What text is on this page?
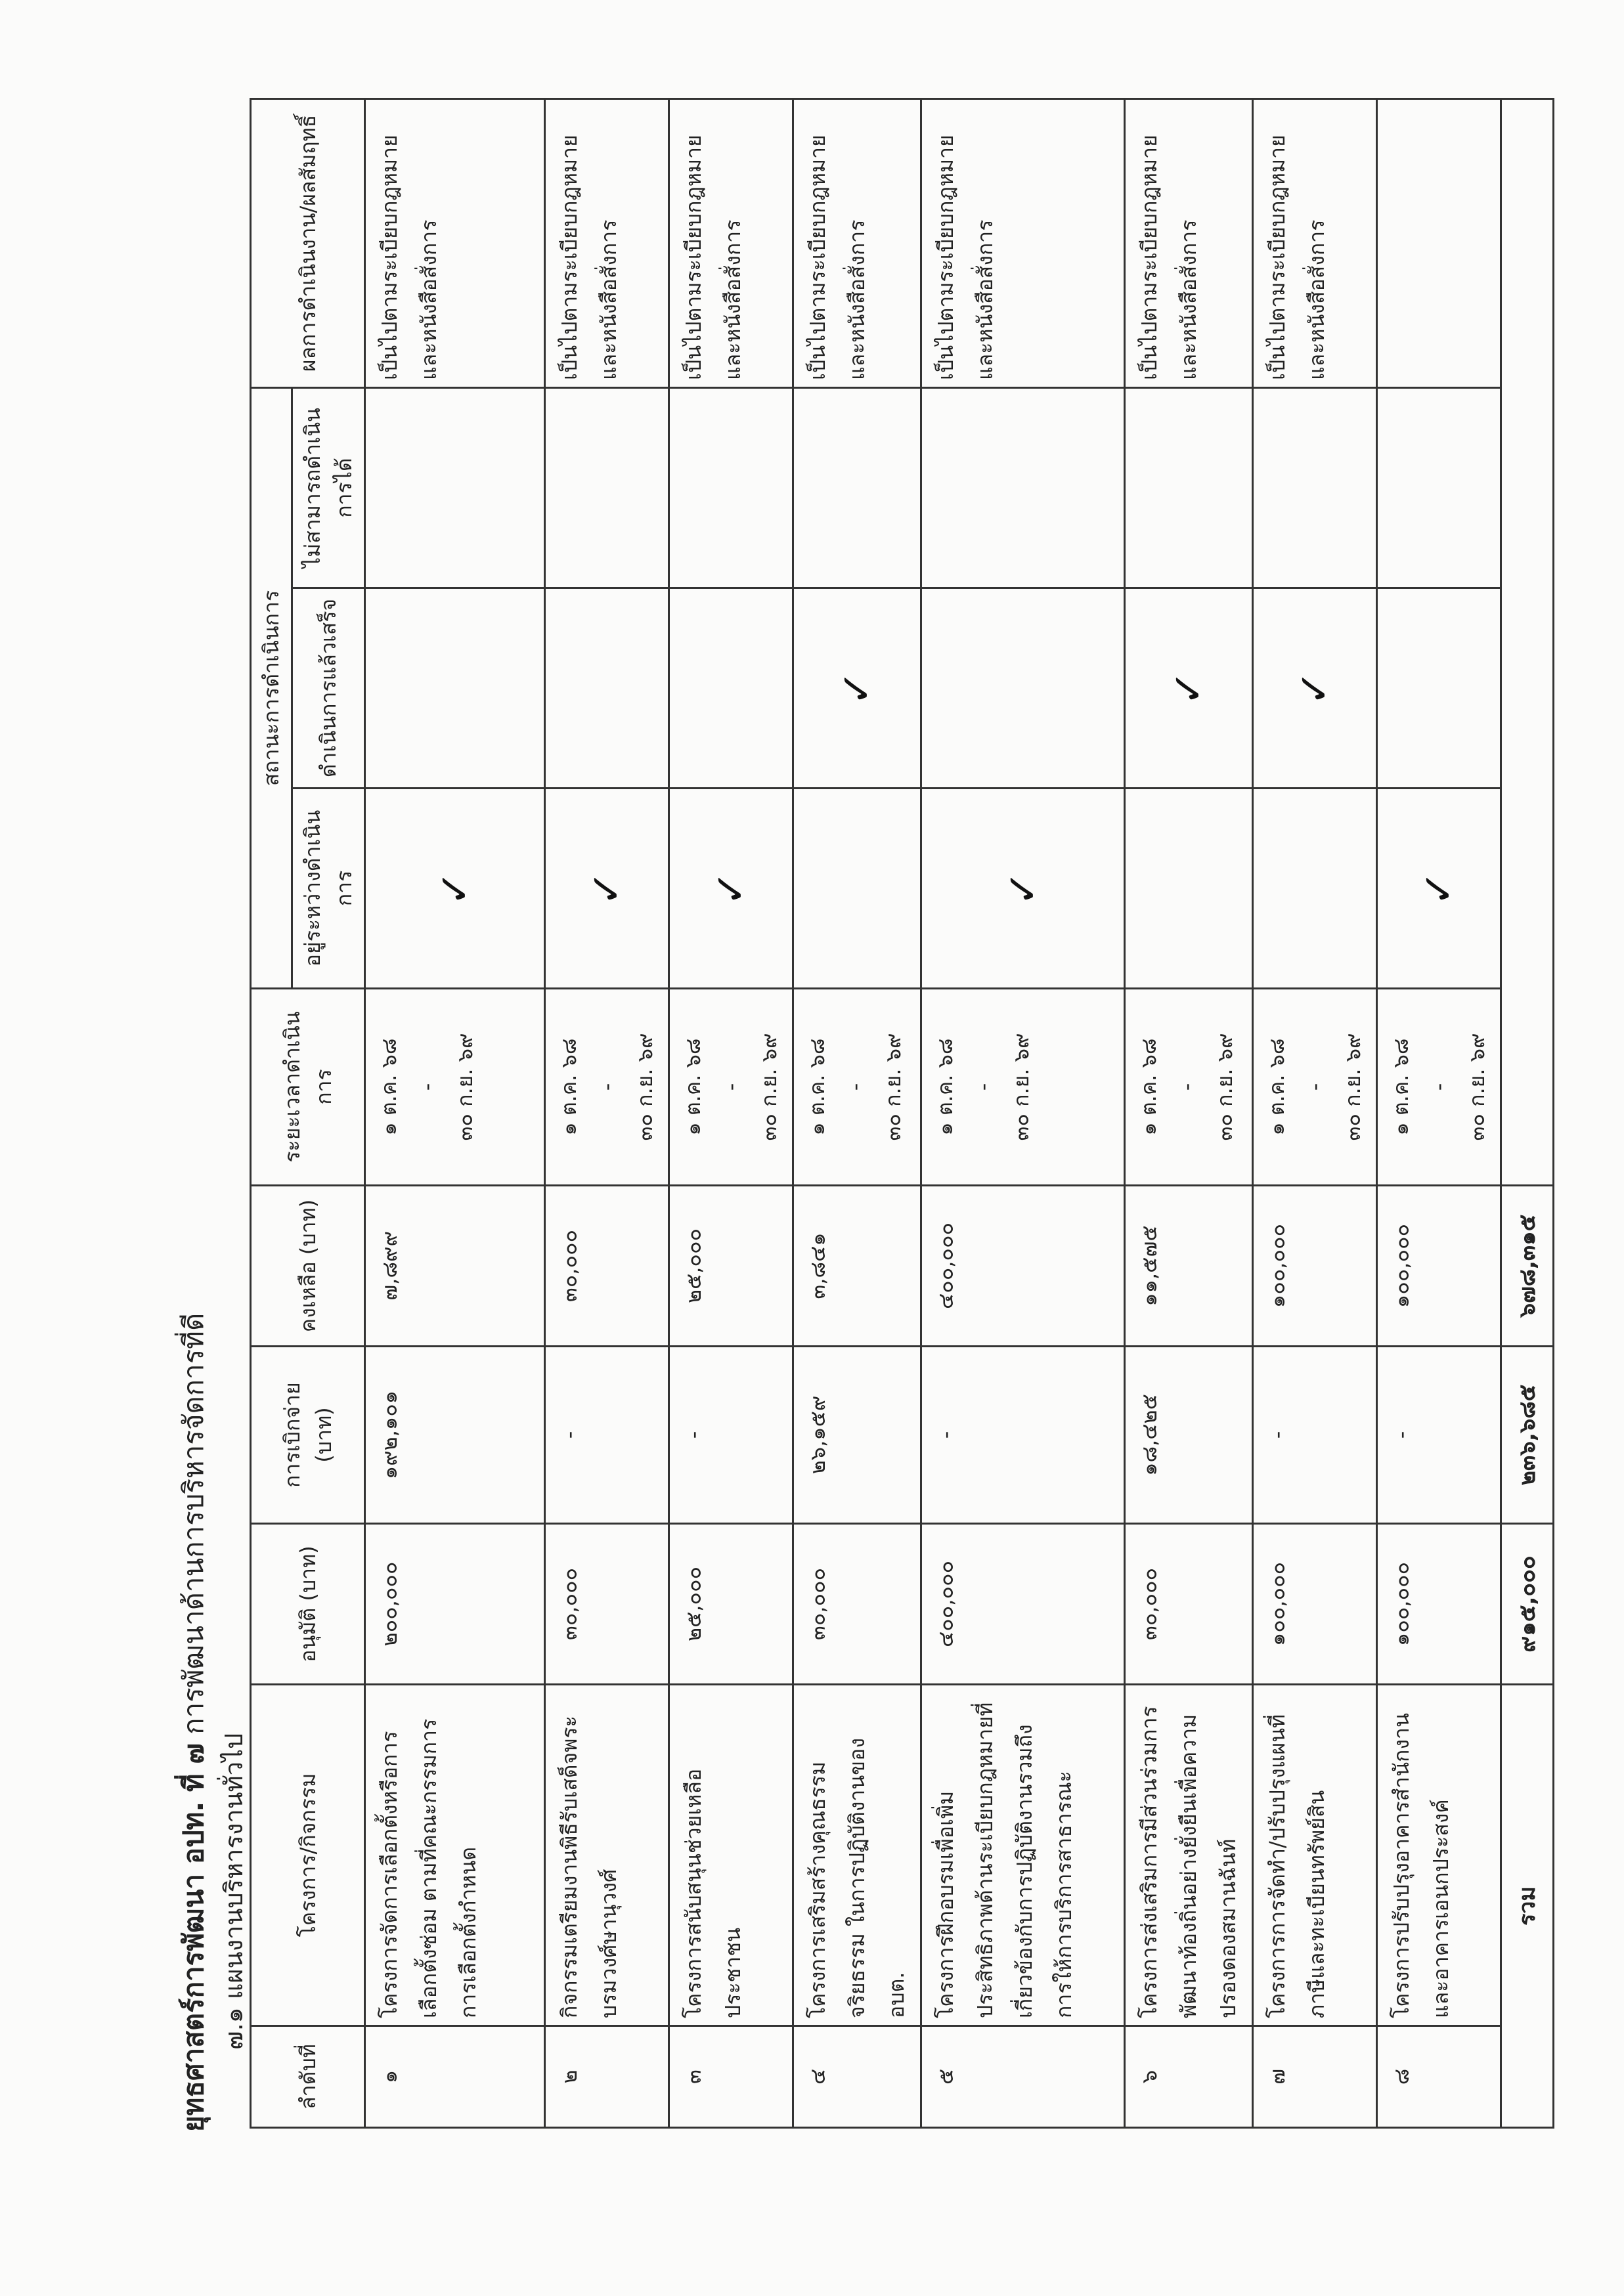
ยุทธศาสตร์การพัฒนา อปท. ที่ ๗ การพัฒนาด้านการบริหารจัดการที่ดี
๗.๑ แผนงานบริหารงานทั่วไป
ลำดับที่	โครงการ/กิจกรรม	อนุมัติ (บาท)	การเบิกจ่าย (บาท)	คงเหลือ (บาท)	ระยะเวลาดำเนินการ	สถานะการดำเนินการ			ผลการดำเนินงาน/ผลสัมฤทธิ์
						อยู่ระหว่างดำเนินการ	ดำเนินการแล้วเสร็จ	ไม่สามารถดำเนินการได้	
๑	โครงการจัดการเลือกตั้งหรือการเลือกตั้งซ่อม ตามที่คณะกรรมการการเลือกตั้งกำหนด	๒๐๐,๐๐๐	๑๙๒,๑๐๑	๗,๘๙๙	๑ ต.ค. ๖๘ - ๓๐ ก.ย. ๖๙	✓			เป็นไปตามระเบียบกฎหมายและหนังสือสั่งการ
๒	กิจกรรมเตรียมงานพิธีรับเสด็จพระบรมวงศ์ษานุวงศ์	๓๐,๐๐๐	-	๓๐,๐๐๐	๑ ต.ค. ๖๘ - ๓๐ ก.ย. ๖๙	✓			เป็นไปตามระเบียบกฎหมายและหนังสือสั่งการ
๓	โครงการสนับสนุนช่วยเหลือประชาชน	๒๕,๐๐๐	-	๒๕,๐๐๐	๑ ต.ค. ๖๘ - ๓๐ ก.ย. ๖๙	✓			เป็นไปตามระเบียบกฎหมายและหนังสือสั่งการ
๔	โครงการเสริมสร้างคุณธรรมจริยธรรม ในการปฏิบัติงานของ อบต.	๓๐,๐๐๐	๒๖,๑๕๙	๓,๘๔๑	๑ ต.ค. ๖๘ - ๓๐ ก.ย. ๖๙		✓		เป็นไปตามระเบียบกฎหมายและหนังสือสั่งการ
๕	โครงการฝึกอบรมเพื่อเพิ่มประสิทธิภาพด้านระเบียบกฎหมายที่เกี่ยวข้องกับการปฏิบัติงานรวมถึงการให้การบริการสาธารณะ	๔๐๐,๐๐๐	-	๔๐๐,๐๐๐	๑ ต.ค. ๖๘ - ๓๐ ก.ย. ๖๙	✓			เป็นไปตามระเบียบกฎหมายและหนังสือสั่งการ
๖	โครงการส่งเสริมการมีส่วนร่วมการพัฒนาท้องถิ่นอย่างยั่งยืนเพื่อความปรองดองสมานฉันท์	๓๐,๐๐๐	๑๘,๔๒๕	๑๑,๕๗๕	๑ ต.ค. ๖๘ - ๓๐ ก.ย. ๖๙		✓		เป็นไปตามระเบียบกฎหมายและหนังสือสั่งการ
๗	โครงการการจัดทำ/ปรับปรุงแผนที่ภาษีและทะเบียนทรัพย์สิน	๑๐๐,๐๐๐	-	๑๐๐,๐๐๐	๑ ต.ค. ๖๘ - ๓๐ ก.ย. ๖๙		✓		เป็นไปตามระเบียบกฎหมายและหนังสือสั่งการ
๘	โครงการปรับปรุงอาคารสำนักงานและอาคารเอนกประสงค์	๑๐๐,๐๐๐	-	๑๐๐,๐๐๐	๑ ต.ค. ๖๘ - ๓๐ ก.ย. ๖๙	✓			
รวม		๙๑๕,๐๐๐	๒๓๖,๖๘๕	๖๗๘,๓๑๕					
